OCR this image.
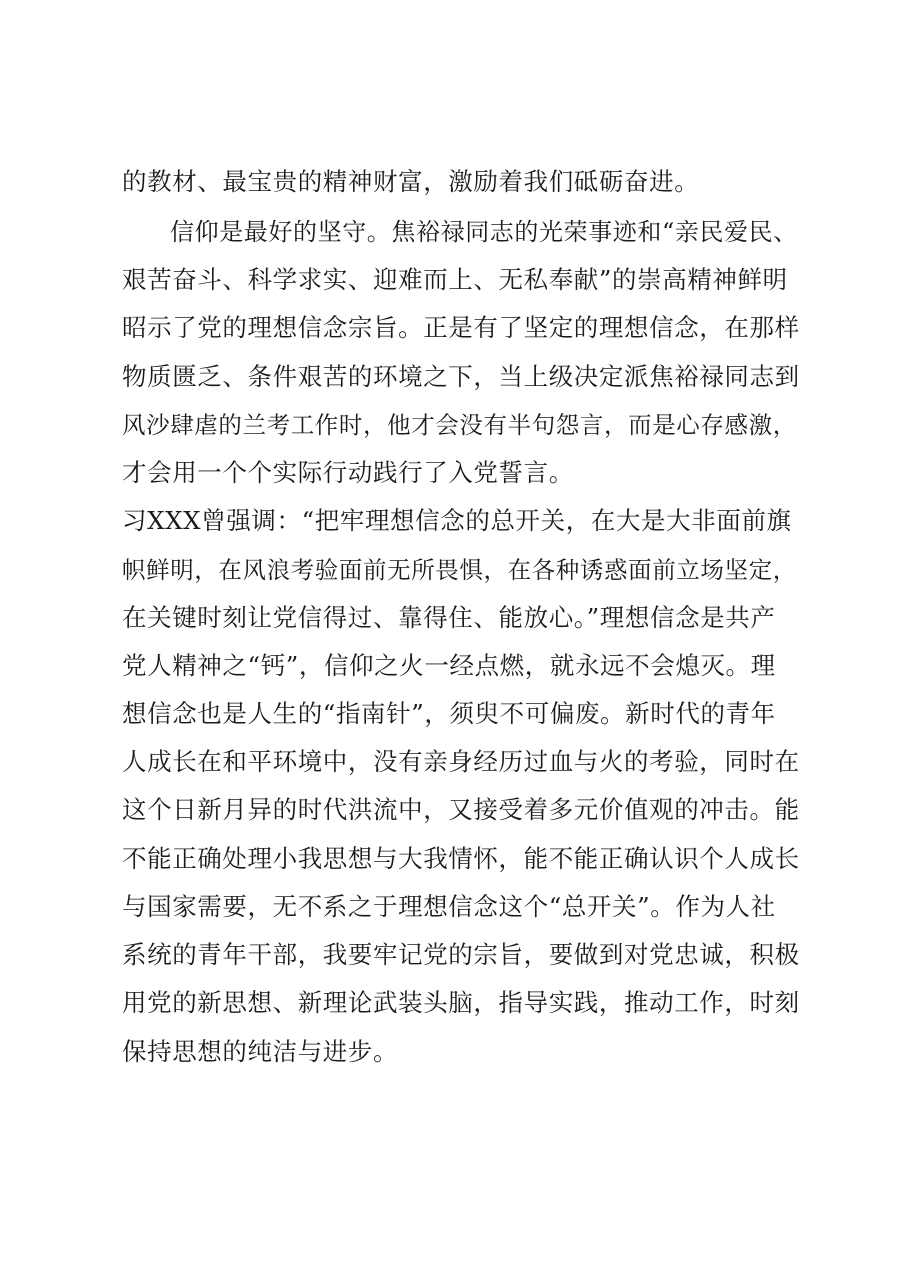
的教材、最宝贵的精神财富，激励着我们砥砺奋进。
信仰是最好的坚守。焦裕禄同志的光荣事迹和“亲民爱民、
艰苦奋斗、科学求实、迎难而上、无私奉献”的崇高精神鲜明
昭示了党的理想信念宗旨。正是有了坚定的理想信念，在那样
物质匮乏、条件艰苦的环境之下，当上级决定派焦裕禄同志到
风沙肆虐的兰考工作时，他才会没有半句怨言，而是心存感激，
才会用一个个实际行动践行了入党誓言。
习XXX曾强调：“把牢理想信念的总开关，在大是大非面前旗
帜鲜明，在风浪考验面前无所畏惧，在各种诱惑面前立场坚定，
在关键时刻让党信得过、靠得住、能放心。”理想信念是共产
党人精神之“钙”，信仰之火一经点燃，就永远不会熄灭。理
想信念也是人生的“指南针”，须臾不可偏废。新时代的青年
人成长在和平环境中，没有亲身经历过血与火的考验，同时在
这个日新月异的时代洪流中，又接受着多元价值观的冲击。能
不能正确处理小我思想与大我情怀，能不能正确认识个人成长
与国家需要，无不系之于理想信念这个“总开关”。作为人社
系统的青年干部，我要牢记党的宗旨，要做到对党忠诚，积极
用党的新思想、新理论武装头脑，指导实践，推动工作，时刻
保持思想的纯洁与进步。
